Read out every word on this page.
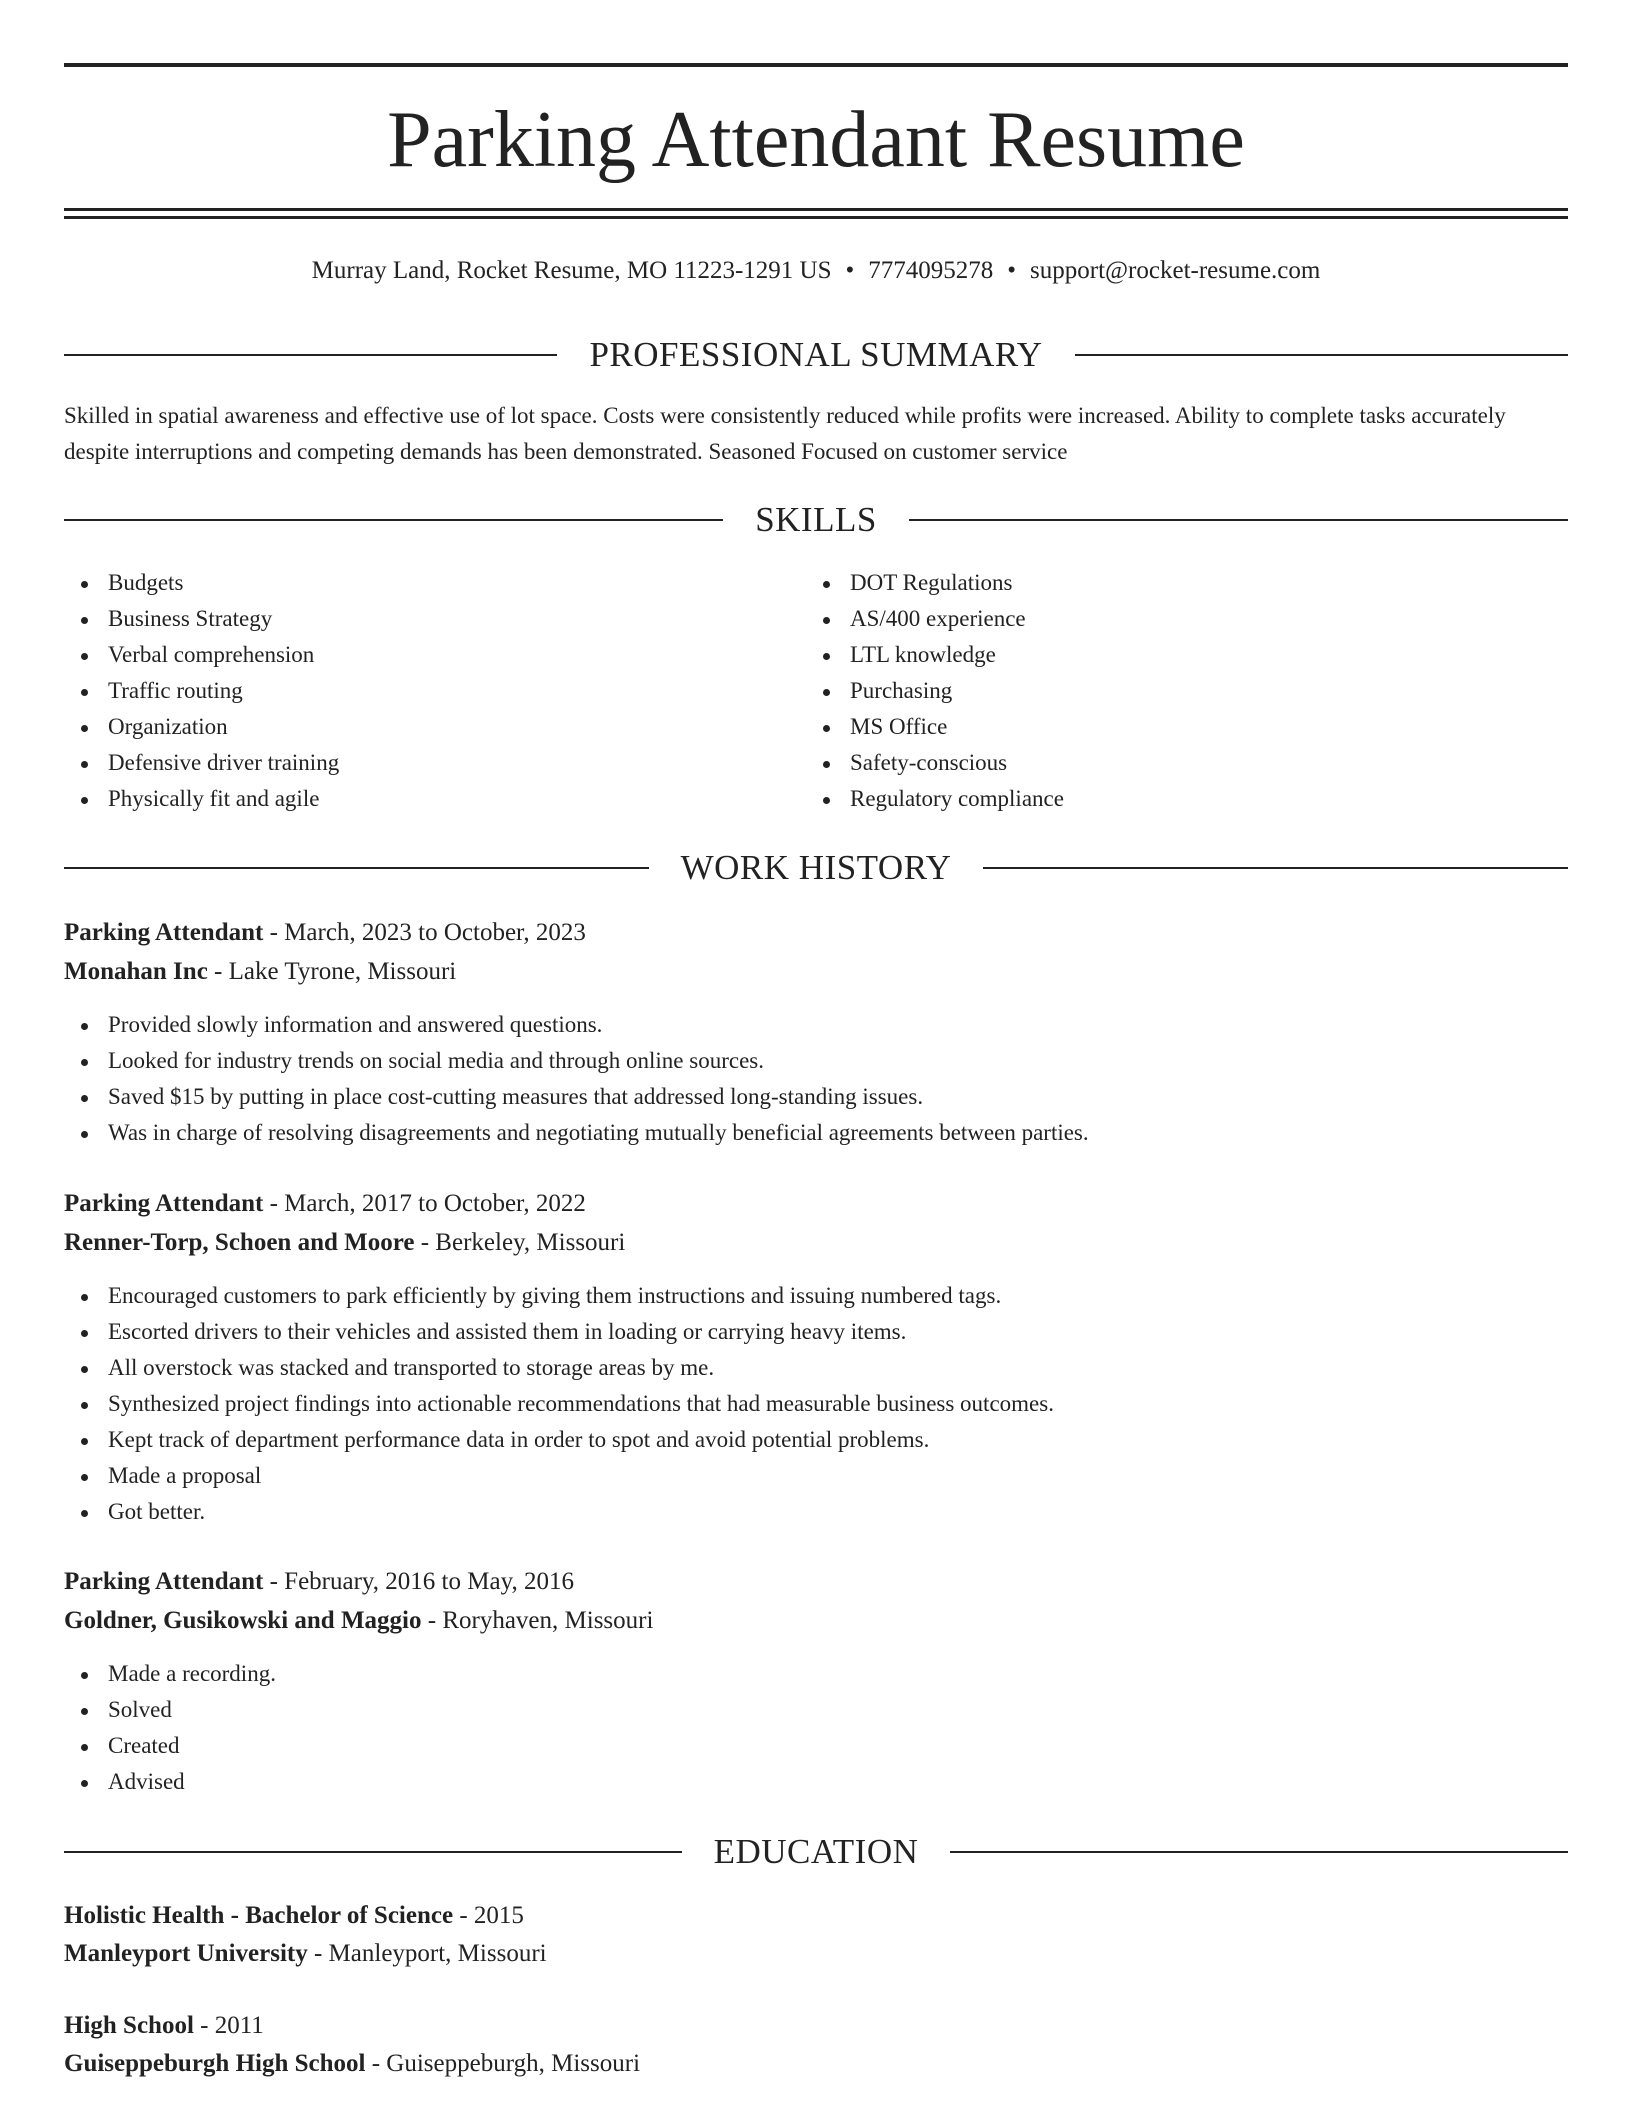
Parking Attendant Resume
Murray Land, Rocket Resume, MO 11223-1291 US • 7774095278 • support@rocket-resume.com
PROFESSIONAL SUMMARY

Skilled in spatial awareness and effective use of lot space. Costs were consistently reduced while profits were increased. Ability to complete tasks accurately despite interruptions and competing demands has been demonstrated. Seasoned Focused on customer service

SKILLS
Budgets
Business Strategy
Verbal comprehension
Traffic routing
Organization
Defensive driver training
Physically fit and agile
DOT Regulations
AS/400 experience
LTL knowledge
Purchasing
MS Office
Safety-conscious
Regulatory compliance
WORK HISTORY
Parking Attendant - March, 2023 to October, 2023
Monahan Inc - Lake Tyrone, Missouri
Provided slowly information and answered questions.
Looked for industry trends on social media and through online sources.
Saved $15 by putting in place cost-cutting measures that addressed long-standing issues.
Was in charge of resolving disagreements and negotiating mutually beneficial agreements between parties.
Parking Attendant - March, 2017 to October, 2022
Renner-Torp, Schoen and Moore - Berkeley, Missouri
Encouraged customers to park efficiently by giving them instructions and issuing numbered tags.
Escorted drivers to their vehicles and assisted them in loading or carrying heavy items.
All overstock was stacked and transported to storage areas by me.
Synthesized project findings into actionable recommendations that had measurable business outcomes.
Kept track of department performance data in order to spot and avoid potential problems.
Made a proposal
Got better.
Parking Attendant - February, 2016 to May, 2016
Goldner, Gusikowski and Maggio - Roryhaven, Missouri
Made a recording.
Solved
Created
Advised
EDUCATION
Holistic Health - Bachelor of Science - 2015
Manleyport University - Manleyport, Missouri
High School - 2011
Guiseppeburgh High School - Guiseppeburgh, Missouri
